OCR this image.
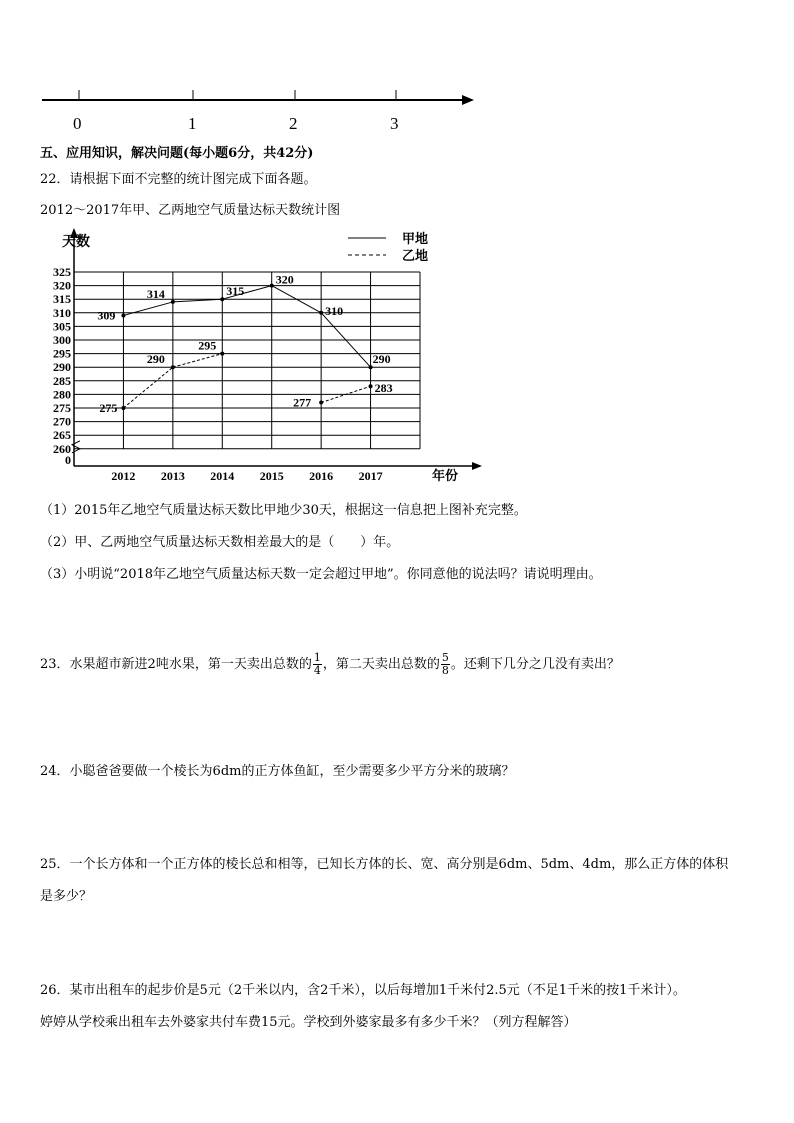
0	1	2	3
五、应用知识，解决问题(每小题6分，共42分)
22．请根据下面不完整的统计图完成下面各题。
2012～2017年甲、乙两地空气质量达标天数统计图
天数
年份
325
320
315
310
305
300
295
290
285
280
275
270
265
260
0
2012 2013 2014 2015 2016 2017
甲地
乙地
309
314	315
320
310
290
275
290
295
277
283
（1）2015年乙地空气质量达标天数比甲地少30天，根据这一信息把上图补充完整。
（2）甲、乙两地空气质量达标天数相差最大的是（　　）年。
（3）小明说“2018年乙地空气质量达标天数一定会超过甲地”。你同意他的说法吗？请说明理由。
23．水果超市新进2吨水果，第一天卖出总数的 $\frac{1}{4}$ ，第二天卖出总数的 $\frac{5}{8}$ 。还剩下几分之几没有卖出？
24．小聪爸爸要做一个棱长为6dm的正方体鱼缸，至少需要多少平方分米的玻璃？
25．一个长方体和一个正方体的棱长总和相等，已知长方体的长、宽、高分别是6dm、5dm、4dm，那么正方体的体积
是多少？
26．某市出租车的起步价是5元（2千米以内，含2千米），以后每增加1千米付2.5元（不足1千米的按1千米计）。
婷婷从学校乘出租车去外婆家共付车费15元。学校到外婆家最多有多少千米？（列方程解答）
